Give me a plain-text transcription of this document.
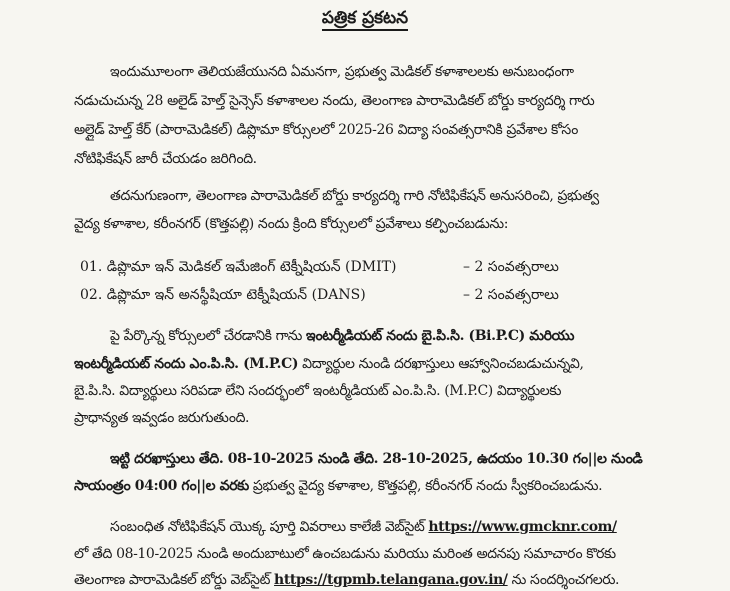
పత్రిక ప్రకటన
ఇందుమూలంగా తెలియజేయునది ఏమనగా, ప్రభుత్వ మెడికల్ కళాశాలలకు అనుబంధంగా
నడుచుచున్న 28 అలైడ్ హెల్త్ సైన్సెస్ కళాశాలల నందు, తెలంగాణ పారామెడికల్ బోర్డు కార్యదర్శి గారు
అల్లైడ్ హెల్త్ కేర్ (పారామెడికల్) డిప్లొమా కోర్సులలో 2025-26 విద్యా సంవత్సరానికి ప్రవేశాల కోసం
నోటిఫికేషన్ జారీ చేయడం జరిగింది.
తదనుగుణంగా, తెలంగాణ పారామెడికల్ బోర్డు కార్యదర్శి గారి నోటిఫికేషన్ అనుసరించి, ప్రభుత్వ
వైద్య కళాశాల, కరీంనగర్ (కొత్తపల్లి) నందు క్రింది కోర్సులలో ప్రవేశాలు కల్పించబడును:
01. డిప్లొమా ఇన్ మెడికల్ ఇమేజింగ్ టెక్నీషియన్ (DMIT)	– 2 సంవత్సరాలు
02. డిప్లొమా ఇన్ అనస్థీషియా టెక్నీషియన్ (DANS)	– 2 సంవత్సరాలు
పై పేర్కొన్న కోర్సులలో చేరడానికి గాను ఇంటర్మీడియట్ నందు బై.పి.సి. (Bi.P.C) మరియు
ఇంటర్మీడియట్ నందు ఎం.పి.సి. (M.P.C) విద్యార్థుల నుండి దరఖాస్తులు ఆహ్వానించబడుచున్నవి,
బై.పి.సి. విద్యార్థులు సరిపడా లేని సందర్భంలో ఇంటర్మీడియట్ ఎం.పి.సి. (M.P.C) విద్యార్థులకు
ప్రాధాన్యత ఇవ్వడం జరుగుతుంది.
ఇట్టి దరఖాస్తులు తేది. 08-10-2025 నుండి తేది. 28-10-2025, ఉదయం 10.30 గం||ల నుండి
సాయంత్రం 04:00 గం||ల వరకు ప్రభుత్వ వైద్య కళాశాల, కొత్తపల్లి, కరీంనగర్ నందు స్వీకరించబడును.
సంబంధిత నోటిఫికేషన్ యొక్క పూర్తి వివరాలు కాలేజీ వెబ్‌సైట్ https://www.gmcknr.com/
లో తేది 08-10-2025 నుండి అందుబాటులో ఉంచబడును మరియు మరింత అదనపు సమాచారం కొరకు
తెలంగాణ పారామెడికల్ బోర్డు వెబ్‌సైట్ https://tgpmb.telangana.gov.in/ ను సందర్శించగలరు.
